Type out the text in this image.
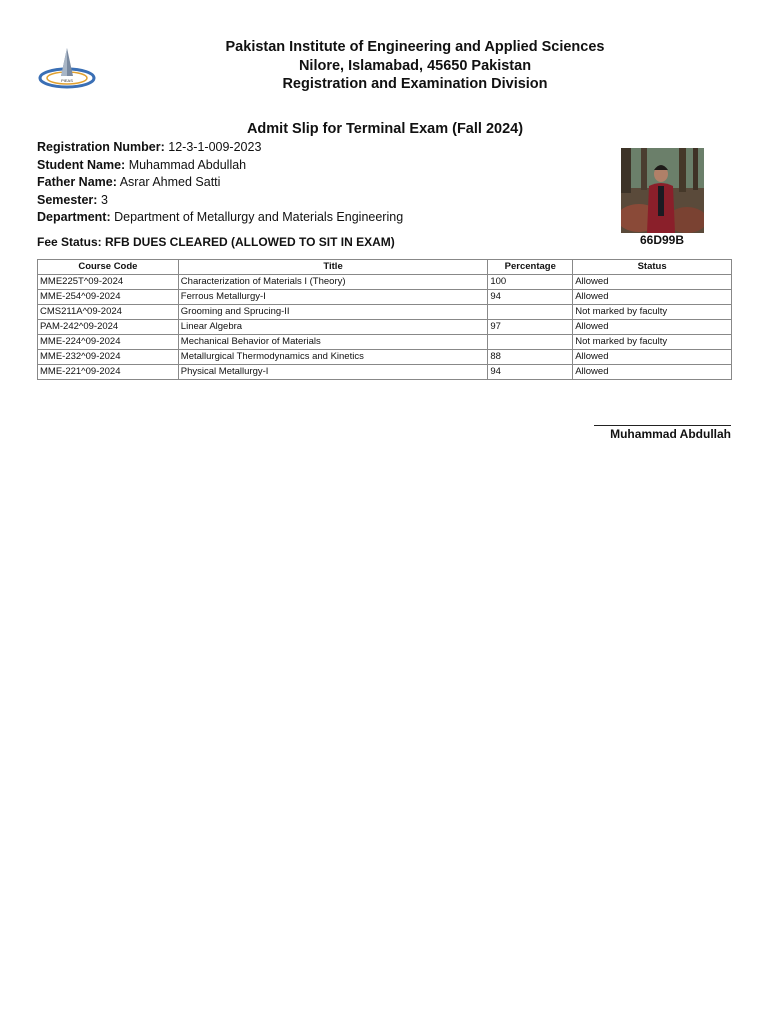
PIEAS
Pakistan Institute of Engineering and Applied Sciences
Nilore, Islamabad, 45650 Pakistan
Registration and Examination Division
Admit Slip for Terminal Exam (Fall 2024)
Registration Number: 12-3-1-009-2023
Student Name: Muhammad Abdullah
Father Name: Asrar Ahmed Satti
Semester: 3
Department: Department of Metallurgy and Materials Engineering
Fee Status: RFB DUES CLEARED (ALLOWED TO SIT IN EXAM)	66D99B
Course Code	Title	Percentage	Status
MME225T^09-2024	Characterization of Materials I (Theory)	100	Allowed
MME-254^09-2024	Ferrous Metallurgy-I	94	Allowed
CMS211A^09-2024	Grooming and Sprucing-II		Not marked by faculty
PAM-242^09-2024	Linear Algebra	97	Allowed
MME-224^09-2024	Mechanical Behavior of Materials		Not marked by faculty
MME-232^09-2024	Metallurgical Thermodynamics and Kinetics	88	Allowed
MME-221^09-2024	Physical Metallurgy-I	94	Allowed
Muhammad Abdullah
